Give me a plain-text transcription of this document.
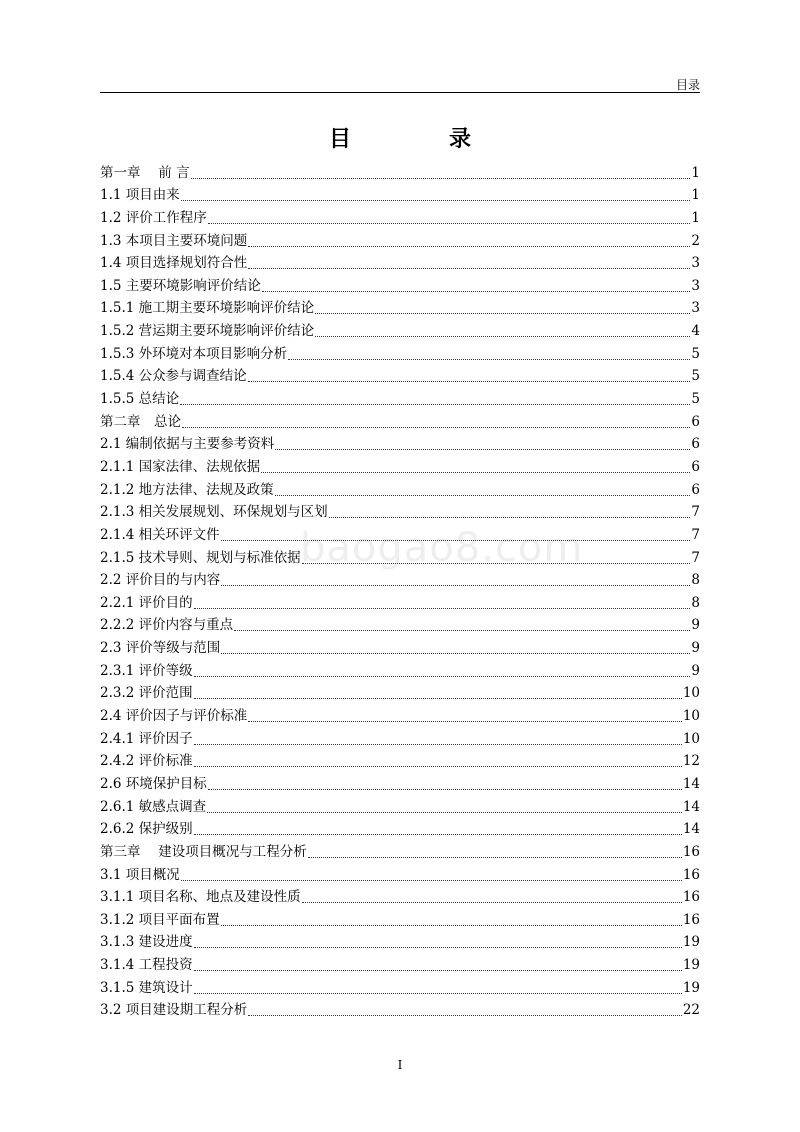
目录
目　录
第一章　 前 言	1
1.1 项目由来	1
1.2 评价工作程序	1
1.3 本项目主要环境问题	2
1.4 项目选择规划符合性	3
1.5 主要环境影响评价结论	3
1.5.1 施工期主要环境影响评价结论	3
1.5.2 营运期主要环境影响评价结论	4
1.5.3 外环境对本项目影响分析	5
1.5.4 公众参与调查结论	5
1.5.5 总结论	5
第二章　总论	6
2.1 编制依据与主要参考资料	6
2.1.1 国家法律、法规依据	6
2.1.2 地方法律、法规及政策	6
2.1.3 相关发展规划、环保规划与区划	7
2.1.4 相关环评文件	7
2.1.5 技术导则、规划与标准依据	7
2.2 评价目的与内容	8
2.2.1 评价目的	8
2.2.2 评价内容与重点	9
2.3 评价等级与范围	9
2.3.1 评价等级	9
2.3.2 评价范围	10
2.4 评价因子与评价标准	10
2.4.1 评价因子	10
2.4.2 评价标准	12
2.6 环境保护目标	14
2.6.1 敏感点调查	14
2.6.2 保护级别	14
第三章　 建设项目概况与工程分析	16
3.1 项目概况	16
3.1.1 项目名称、地点及建设性质	16
3.1.2 项目平面布置	16
3.1.3 建设进度	19
3.1.4 工程投资	19
3.1.5 建筑设计	19
3.2 项目建设期工程分析	22
baogao8.com
I
